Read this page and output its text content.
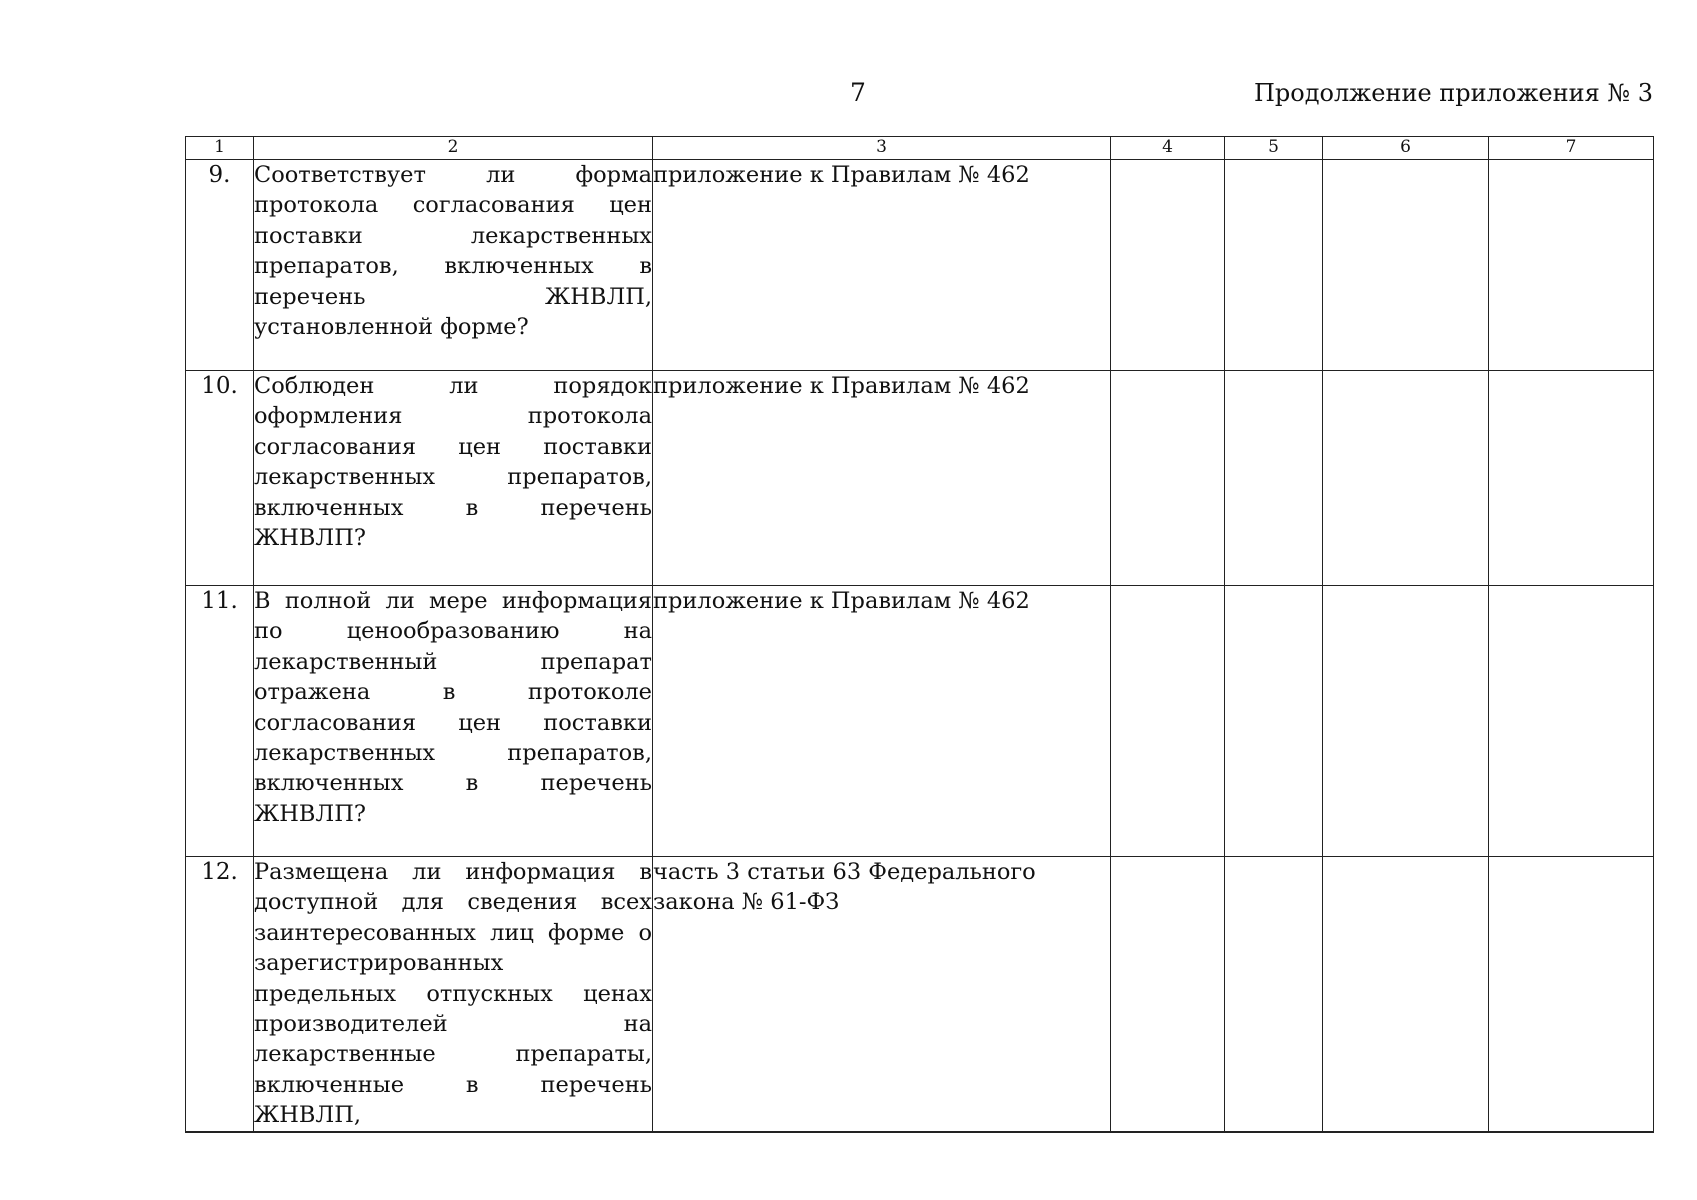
7	Продолжение приложения № 3
1	2	3	4	5	6	7
9.	Соответствует ли форма протокола согласования цен поставки лекарственных препаратов, включенных в перечень ЖНВЛП, установленной форме?	приложение к Правилам № 462				
10.	Соблюден ли порядок оформления протокола согласования цен поставки лекарственных препаратов, включенных в перечень ЖНВЛП?	приложение к Правилам № 462				
11.	В полной ли мере информация по ценообразованию на лекарственный препарат отражена в протоколе согласования цен поставки лекарственных препаратов, включенных в перечень ЖНВЛП?	приложение к Правилам № 462				
12.	Размещена ли информация в доступной для сведения всех заинтересованных лиц форме о зарегистрированных предельных отпускных ценах производителей на лекарственные препараты, включенные в перечень ЖНВЛП,	часть 3 статьи 63 Федерального закона № 61-ФЗ				
